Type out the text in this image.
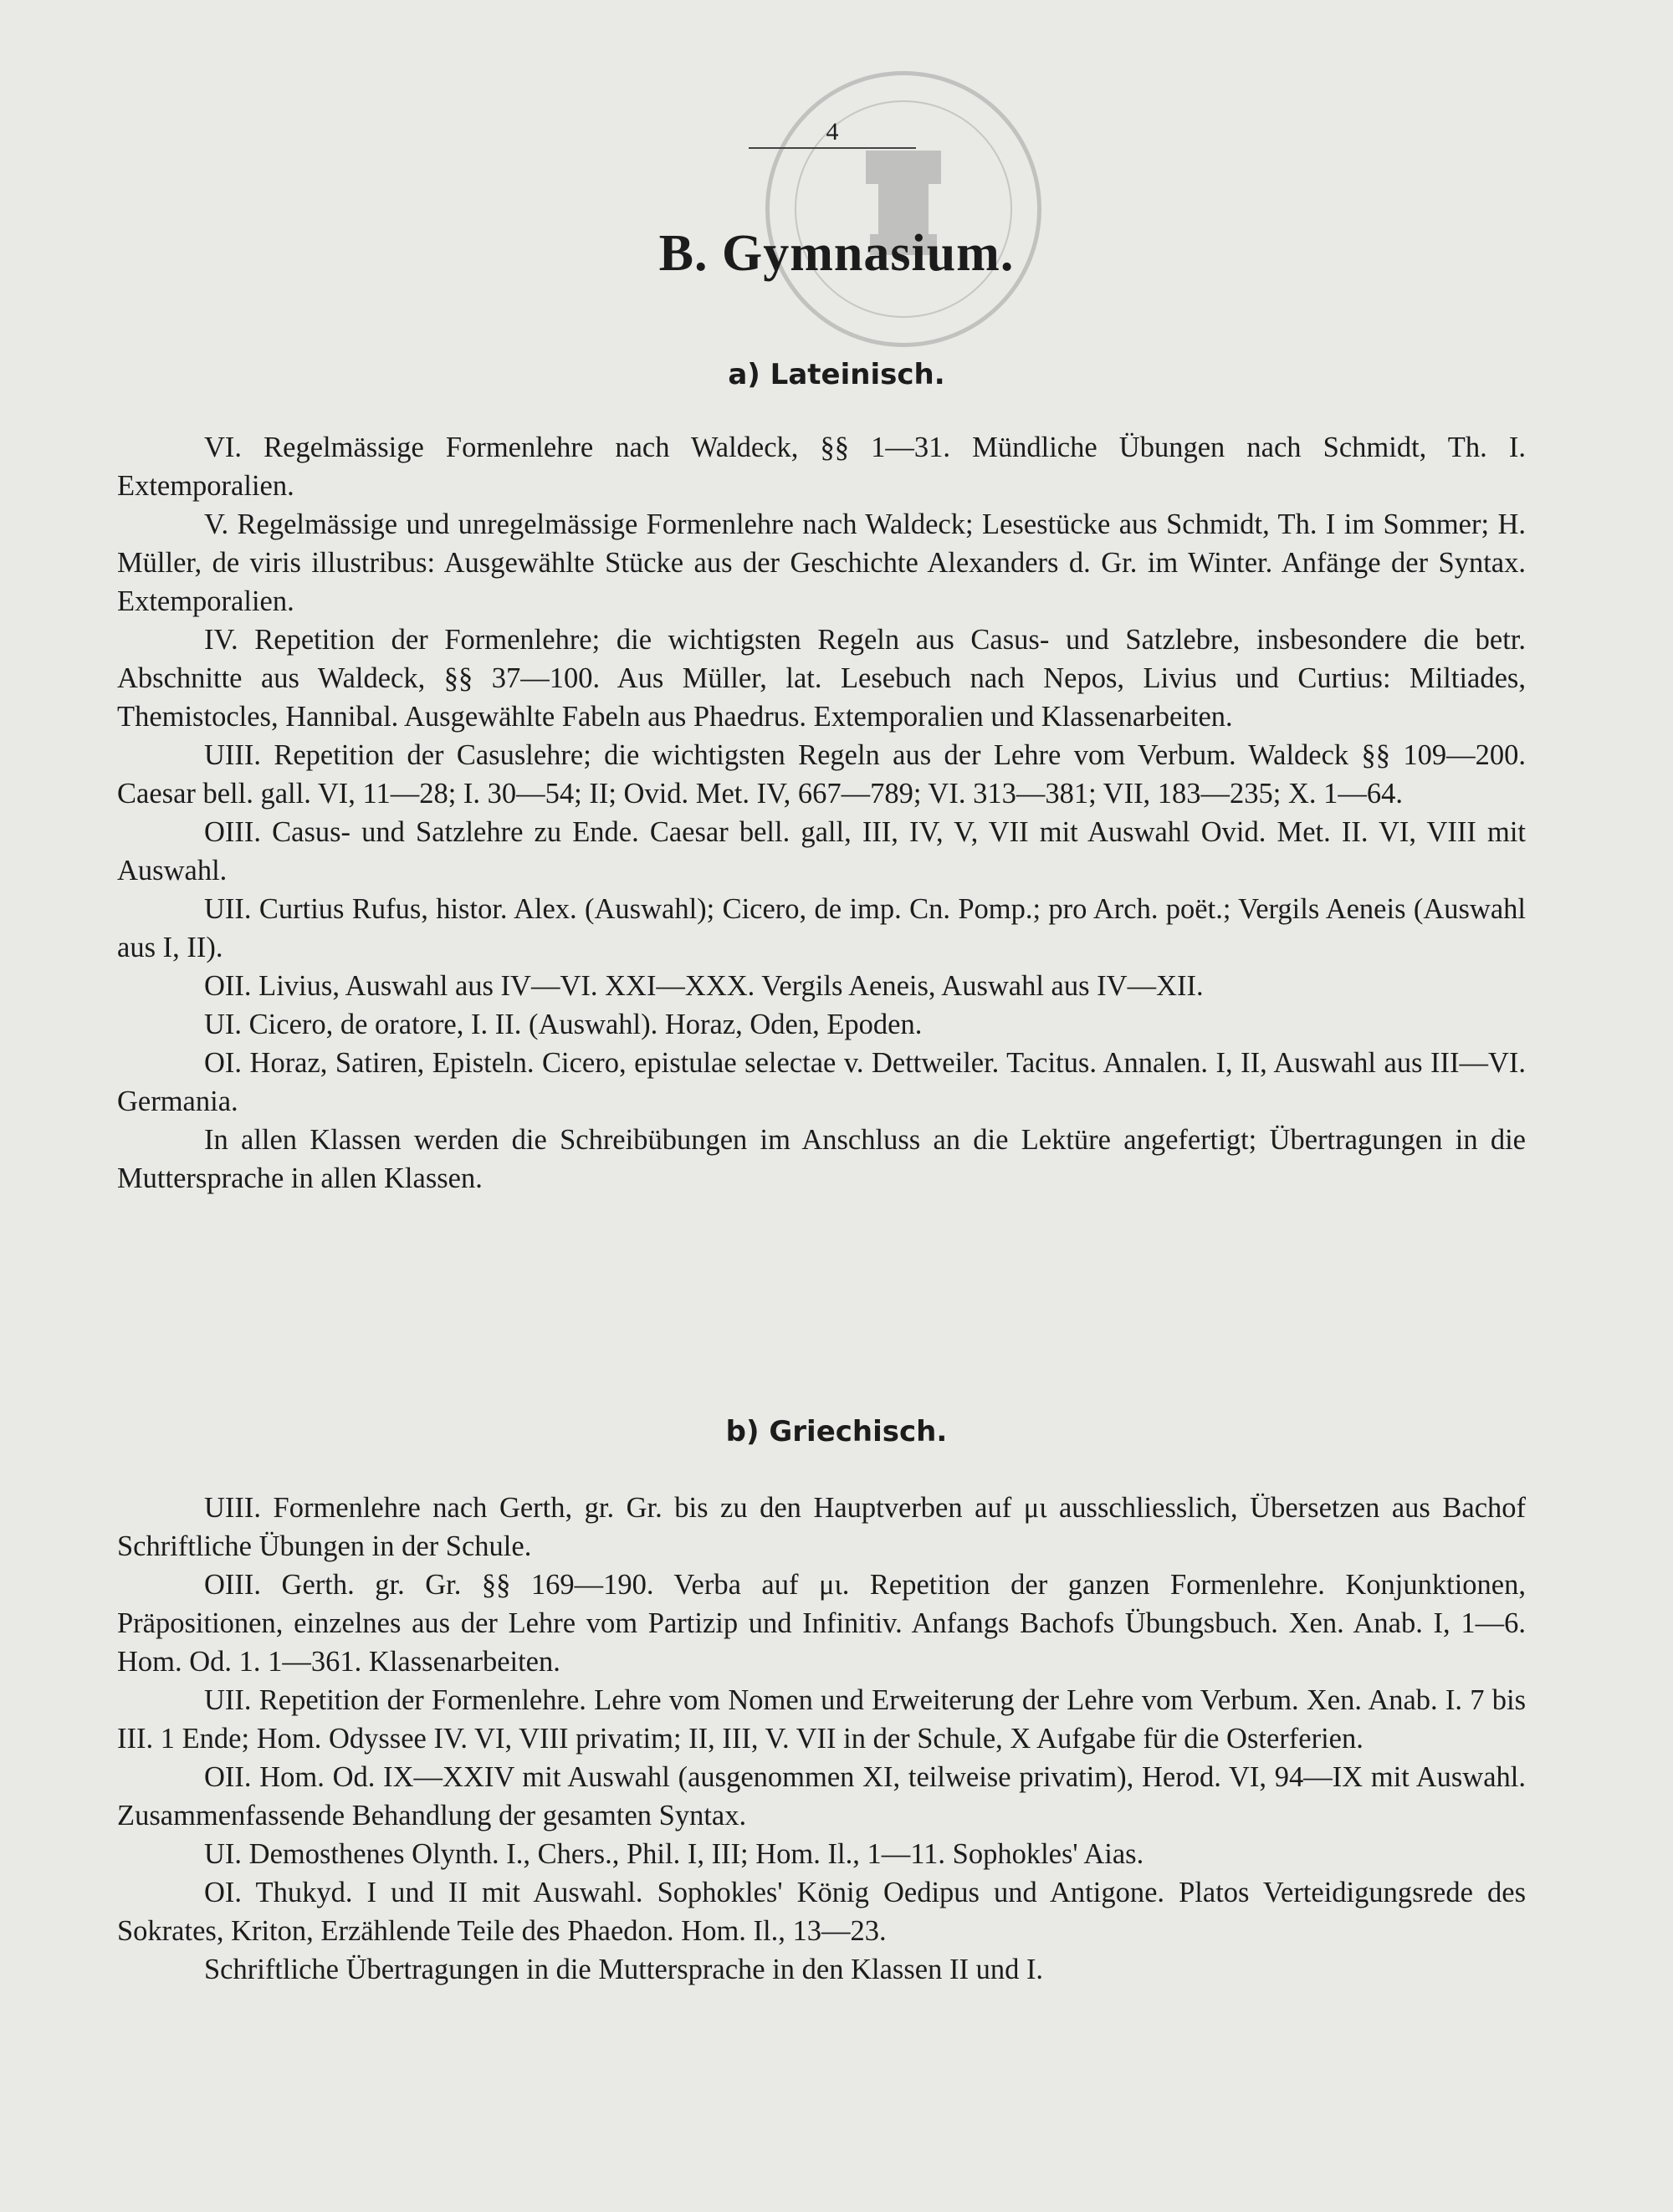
4
B. Gymnasium.
a) Lateinisch.

VI. Regelmässige Formenlehre nach Waldeck, §§ 1—31. Mündliche Übungen nach Schmidt, Th. I. Extemporalien.

V. Regelmässige und unregelmässige Formenlehre nach Waldeck; Lesestücke aus Schmidt, Th. I im Sommer; H. Müller, de viris illustribus: Ausgewählte Stücke aus der Geschichte Alexanders d. Gr. im Winter. Anfänge der Syntax. Extemporalien.

IV. Repetition der Formenlehre; die wichtigsten Regeln aus Casus- und Satzlebre, insbesondere die betr. Abschnitte aus Waldeck, §§ 37—100. Aus Müller, lat. Lesebuch nach Nepos, Livius und Curtius: Miltiades, Themistocles, Hannibal. Ausgewählte Fabeln aus Phaedrus. Extemporalien und Klassenarbeiten.

UIII. Repetition der Casuslehre; die wichtigsten Regeln aus der Lehre vom Verbum. Waldeck §§ 109—200. Caesar bell. gall. VI, 11—28; I. 30—54; II; Ovid. Met. IV, 667—789; VI. 313—381; VII, 183—235; X. 1—64.

OIII. Casus- und Satzlehre zu Ende. Caesar bell. gall, III, IV, V, VII mit Auswahl Ovid. Met. II. VI, VIII mit Auswahl.

UII. Curtius Rufus, histor. Alex. (Auswahl); Cicero, de imp. Cn. Pomp.; pro Arch. poët.; Vergils Aeneis (Auswahl aus I, II).

OII. Livius, Auswahl aus IV—VI. XXI—XXX. Vergils Aeneis, Auswahl aus IV—XII.

UI. Cicero, de oratore, I. II. (Auswahl). Horaz, Oden, Epoden.

OI. Horaz, Satiren, Episteln. Cicero, epistulae selectae v. Dettweiler. Tacitus. Annalen. I, II, Auswahl aus III—VI. Germania.

In allen Klassen werden die Schreibübungen im Anschluss an die Lektüre angefertigt; Übertragungen in die Muttersprache in allen Klassen.

b) Griechisch.

UIII. Formenlehre nach Gerth, gr. Gr. bis zu den Hauptverben auf μι ausschliesslich, Übersetzen aus Bachof Schriftliche Übungen in der Schule.

OIII. Gerth. gr. Gr. §§ 169—190. Verba auf μι. Repetition der ganzen Formenlehre. Konjunktionen, Präpositionen, einzelnes aus der Lehre vom Partizip und Infinitiv. Anfangs Bachofs Übungsbuch. Xen. Anab. I, 1—6. Hom. Od. 1. 1—361. Klassenarbeiten.

UII. Repetition der Formenlehre. Lehre vom Nomen und Erweiterung der Lehre vom Verbum. Xen. Anab. I. 7 bis III. 1 Ende; Hom. Odyssee IV. VI, VIII privatim; II, III, V. VII in der Schule, X Aufgabe für die Osterferien.

OII. Hom. Od. IX—XXIV mit Auswahl (ausgenommen XI, teilweise privatim), Herod. VI, 94—IX mit Auswahl. Zusammenfassende Behandlung der gesamten Syntax.

UI. Demosthenes Olynth. I., Chers., Phil. I, III; Hom. Il., 1—11. Sophokles' Aias.

OI. Thukyd. I und II mit Auswahl. Sophokles' König Oedipus und Antigone. Platos Verteidigungsrede des Sokrates, Kriton, Erzählende Teile des Phaedon. Hom. Il., 13—23.

Schriftliche Übertragungen in die Muttersprache in den Klassen II und I.
